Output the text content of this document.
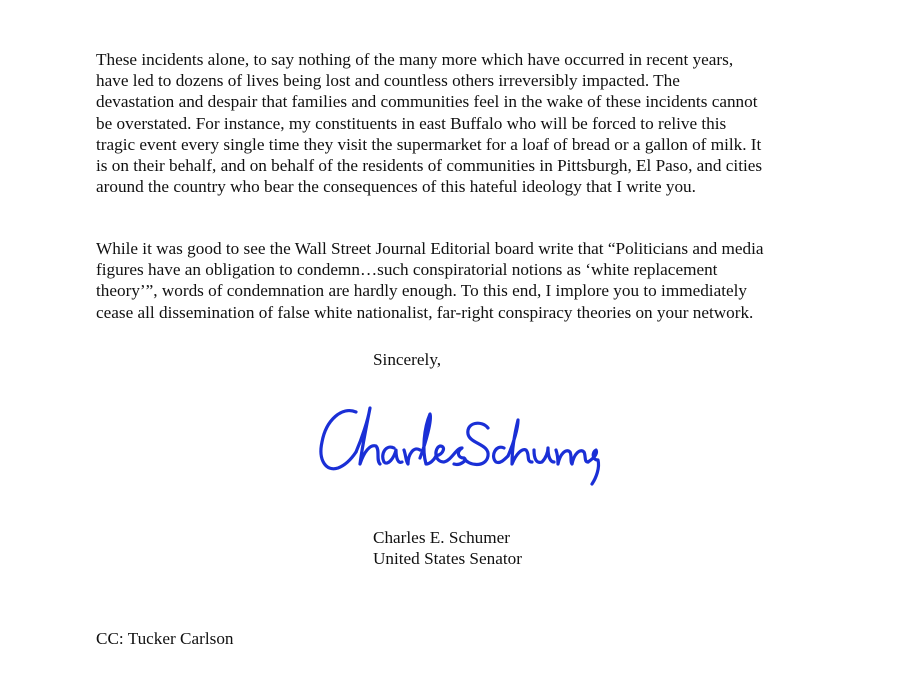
These incidents alone, to say nothing of the many more which have occurred in recent years,
have led to dozens of lives being lost and countless others irreversibly impacted. The
devastation and despair that families and communities feel in the wake of these incidents cannot
be overstated. For instance, my constituents in east Buffalo who will be forced to relive this
tragic event every single time they visit the supermarket for a loaf of bread or a gallon of milk. It
is on their behalf, and on behalf of the residents of communities in Pittsburgh, El Paso, and cities
around the country who bear the consequences of this hateful ideology that I write you.

While it was good to see the Wall Street Journal Editorial board write that “Politicians and media
figures have an obligation to condemn…such conspiratorial notions as ‘white replacement
theory’”, words of condemnation are hardly enough. To this end, I implore you to immediately
cease all dissemination of false white nationalist, far-right conspiracy theories on your network.

Sincerely,
Charles E. Schumer
United States Senator
CC: Tucker Carlson
